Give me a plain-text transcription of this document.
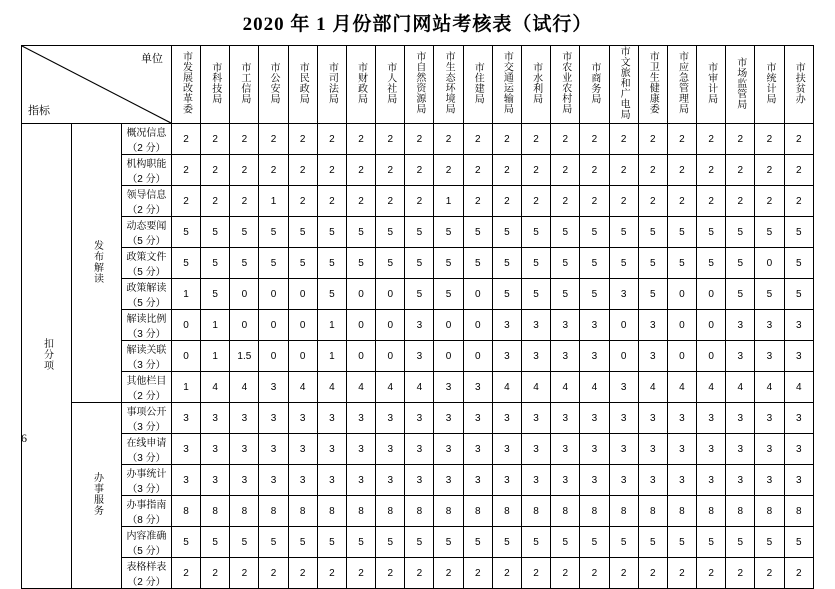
2020 年 1 月份部门网站考核表（试行）
指标
单位			市发展改革委	市科技局	市工信局	市公安局	市民政局	市司法局	市财政局	市人社局	市自然资源局	市生态环境局	市住建局	市交通运输局	市水利局	市农业农村局	市商务局	市文旅和广电局	市卫生健康委	市应急管理局	市审计局	市场监管局	市统计局	市扶贫办
扣分项	发布解读	概况信息（2 分）	2	2	2	2	2	2	2	2	2	2	2	2	2	2	2	2	2	2	2	2	2	2
		机构职能（2 分）	2	2	2	2	2	2	2	2	2	2	2	2	2	2	2	2	2	2	2	2	2	2
		领导信息（2 分）	2	2	2	1	2	2	2	2	2	1	2	2	2	2	2	2	2	2	2	2	2	2
		动态要闻（5 分）	5	5	5	5	5	5	5	5	5	5	5	5	5	5	5	5	5	5	5	5	5	5
		政策文件（5 分）	5	5	5	5	5	5	5	5	5	5	5	5	5	5	5	5	5	5	5	5	0	5
		政策解读（5 分）	1	5	0	0	0	5	0	0	5	5	0	5	5	5	5	3	5	0	0	5	5	5
		解读比例（3 分）	0	1	0	0	0	1	0	0	3	0	0	3	3	3	3	0	3	0	0	3	3	3
		解读关联（3 分）	0	1	1.5	0	0	1	0	0	3	0	0	3	3	3	3	0	3	0	0	3	3	3
		其他栏目（2 分）	1	4	4	3	4	4	4	4	4	3	3	4	4	4	4	3	4	4	4	4	4	4
	办事服务	事项公开（3 分）	3	3	3	3	3	3	3	3	3	3	3	3	3	3	3	3	3	3	3	3	3	3
		在线申请（3 分）	3	3	3	3	3	3	3	3	3	3	3	3	3	3	3	3	3	3	3	3	3	3
		办事统计（3 分）	3	3	3	3	3	3	3	3	3	3	3	3	3	3	3	3	3	3	3	3	3	3
		办事指南（8 分）	8	8	8	8	8	8	8	8	8	8	8	8	8	8	8	8	8	8	8	8	8	8
		内容准确（5 分）	5	5	5	5	5	5	5	5	5	5	5	5	5	5	5	5	5	5	5	5	5	5
		表格样表（2 分）	2	2	2	2	2	2	2	2	2	2	2	2	2	2	2	2	2	2	2	2	2	2
6
